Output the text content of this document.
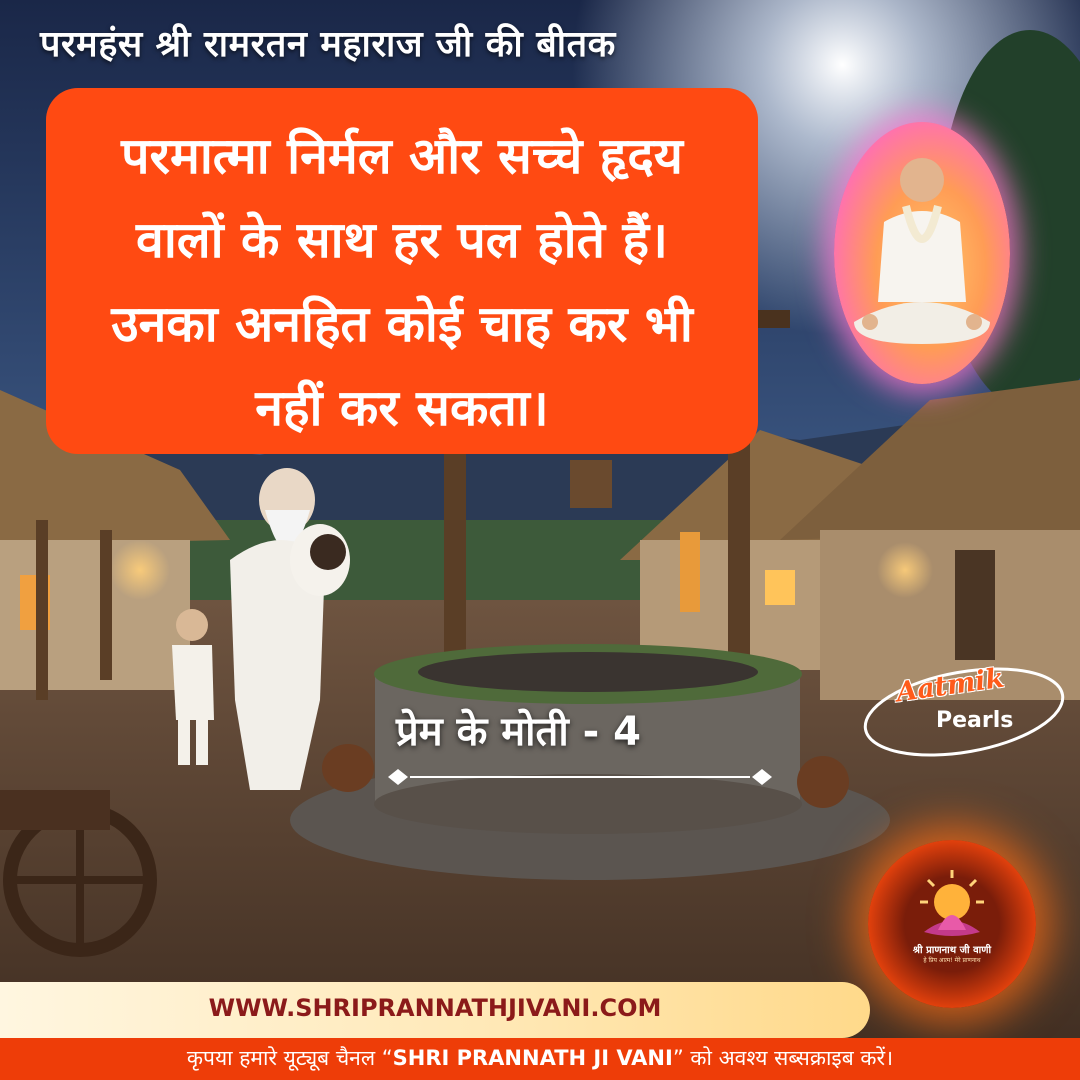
परमहंस श्री रामरतन महाराज जी की बीतक
परमात्मा निर्मल और सच्चे हृदय वालों के साथ हर पल होते हैं। उनका अनहित कोई चाह कर भी नहीं कर सकता।
प्रेम के मोती - 4
Aatmik
Pearls
श्री प्राणनाथ जी वाणी
हे प्रिय आत्म! मेरे प्राणनाथ
WWW.SHRIPRANNATHJIVANI.COM
कृपया हमारे यूट्यूब चैनल “SHRI PRANNATH JI VANI” को अवश्य सब्सक्राइब करें।
